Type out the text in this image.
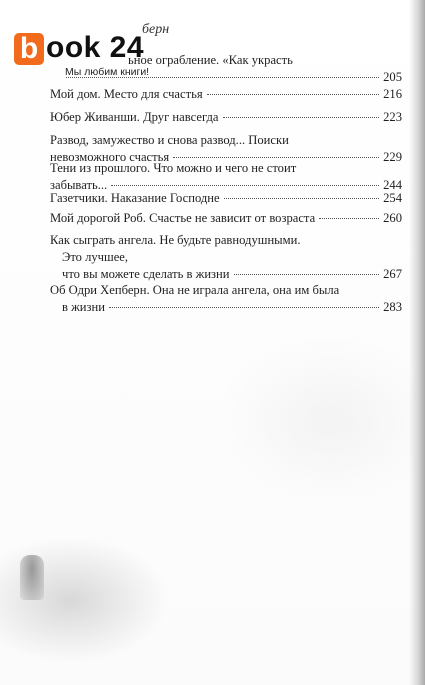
берн
b ook 24
Мы любим книги!
ьное ограбление. «Как украсть
205
Мой дом. Место для счастья	216
Юбер Живанши. Друг навсегда	223
Развод, замужество и снова развод... Поиски
невозможного счастья	229
Тени из прошлого. Что можно и чего не стоит
забывать...	244
Газетчики. Наказание Господне	254
Мой дорогой Роб. Счастье не зависит от возраста	260
Как сыграть ангела. Не будьте равнодушными.
Это лучшее,
что вы можете сделать в жизни	267
Об Одри Хепберн. Она не играла ангела, она им была
в жизни	283
